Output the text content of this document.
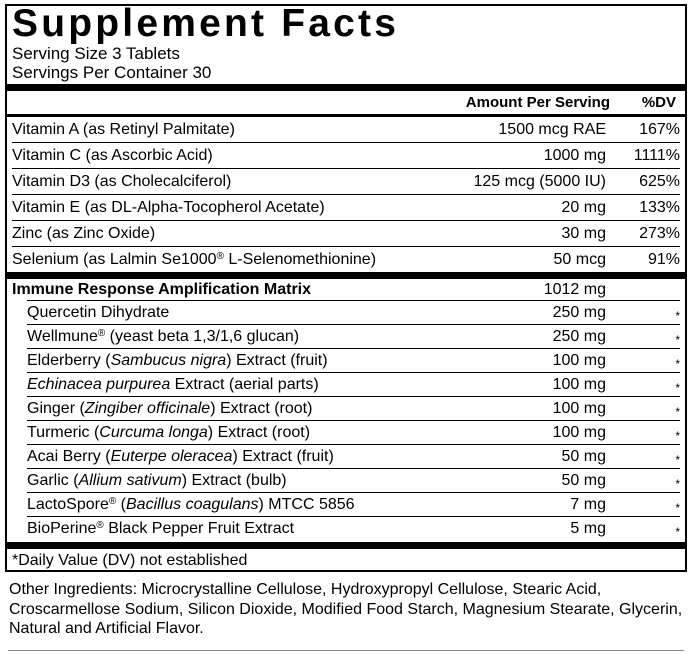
Supplement Facts
Serving Size 3 Tablets
Servings Per Container 30
Amount Per Serving %DV
Vitamin A (as Retinyl Palmitate)	1500 mcg RAE 167%
Vitamin C (as Ascorbic Acid)	1000 mg 1111%
Vitamin D3 (as Cholecalciferol)	125 mcg (5000 IU) 625%
Vitamin E (as DL-Alpha-Tocopherol Acetate)	20 mg 133%
Zinc (as Zinc Oxide)	30 mg 273%
Selenium (as Lalmin Se1000® L-Selenomethionine)	50 mcg	91%
Immune Response Amplification Matrix	1012 mg
Quercetin Dihydrate	250 mg	*
Wellmune® (yeast beta 1,3/1,6 glucan)	250 mg	*
Elderberry (Sambucus nigra) Extract (fruit)	100 mg	*
Echinacea purpurea Extract (aerial parts)	100 mg	*
Ginger (Zingiber officinale) Extract (root)	100 mg	*
Turmeric (Curcuma longa) Extract (root)	100 mg	*
Acai Berry (Euterpe oleracea) Extract (fruit)	50 mg	*
Garlic (Allium sativum) Extract (bulb)	50 mg	*
LactoSpore® (Bacillus coagulans) MTCC 5856	7 mg	*
BioPerine® Black Pepper Fruit Extract	5 mg	*
*Daily Value (DV) not established
Other Ingredients: Microcrystalline Cellulose, Hydroxypropyl Cellulose, Stearic Acid, Croscarmellose Sodium, Silicon Dioxide, Modified Food Starch, Magnesium Stearate, Glycerin, Natural and Artificial Flavor.
